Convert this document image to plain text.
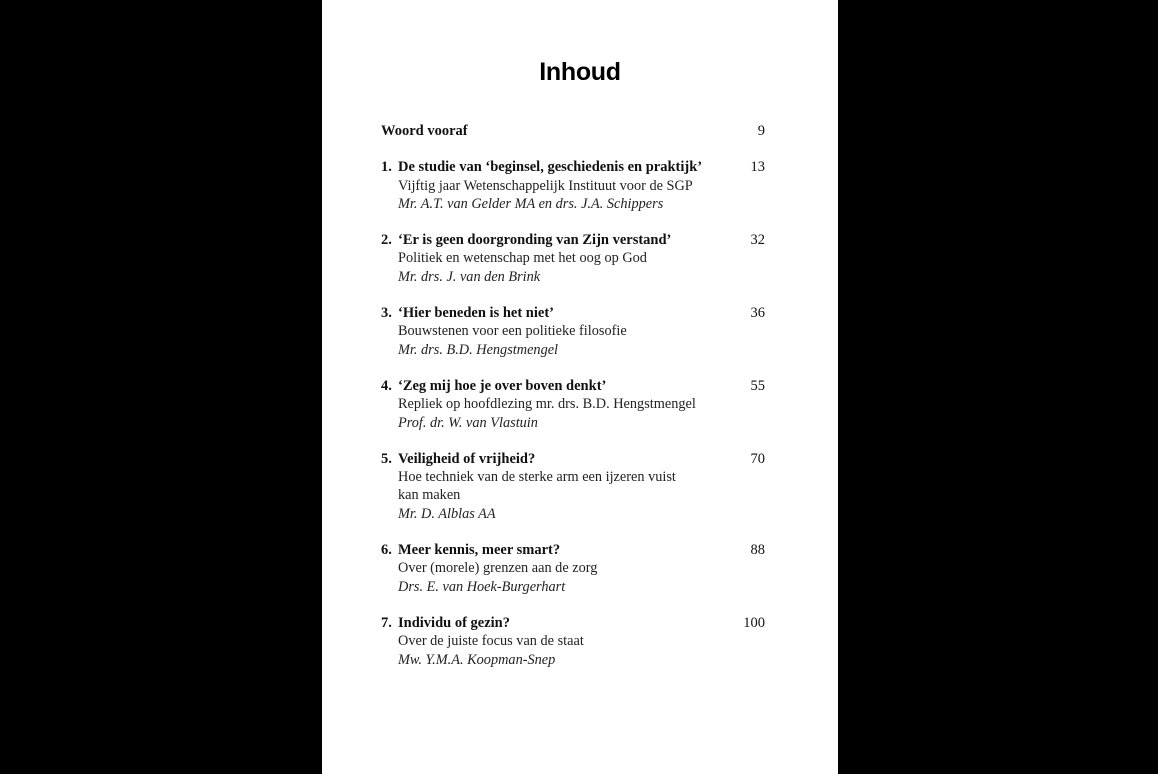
Inhoud
Woord vooraf	9
1. De studie van ‘beginsel, geschiedenis en praktijk’	13
Vijftig jaar Wetenschappelijk Instituut voor de SGP
Mr. A.T. van Gelder MA en drs. J.A. Schippers
2. ‘Er is geen doorgronding van Zijn verstand’	32
Politiek en wetenschap met het oog op God
Mr. drs. J. van den Brink
3. ‘Hier beneden is het niet’	36
Bouwstenen voor een politieke filosofie
Mr. drs. B.D. Hengstmengel
4. ‘Zeg mij hoe je over boven denkt’	55
Repliek op hoofdlezing mr. drs. B.D. Hengstmengel
Prof. dr. W. van Vlastuin
5. Veiligheid of vrijheid?	70
Hoe techniek van de sterke arm een ijzeren vuist
kan maken
Mr. D. Alblas AA
6. Meer kennis, meer smart?	88
Over (morele) grenzen aan de zorg
Drs. E. van Hoek-Burgerhart
7. Individu of gezin?	100
Over de juiste focus van de staat
Mw. Y.M.A. Koopman-Snep
